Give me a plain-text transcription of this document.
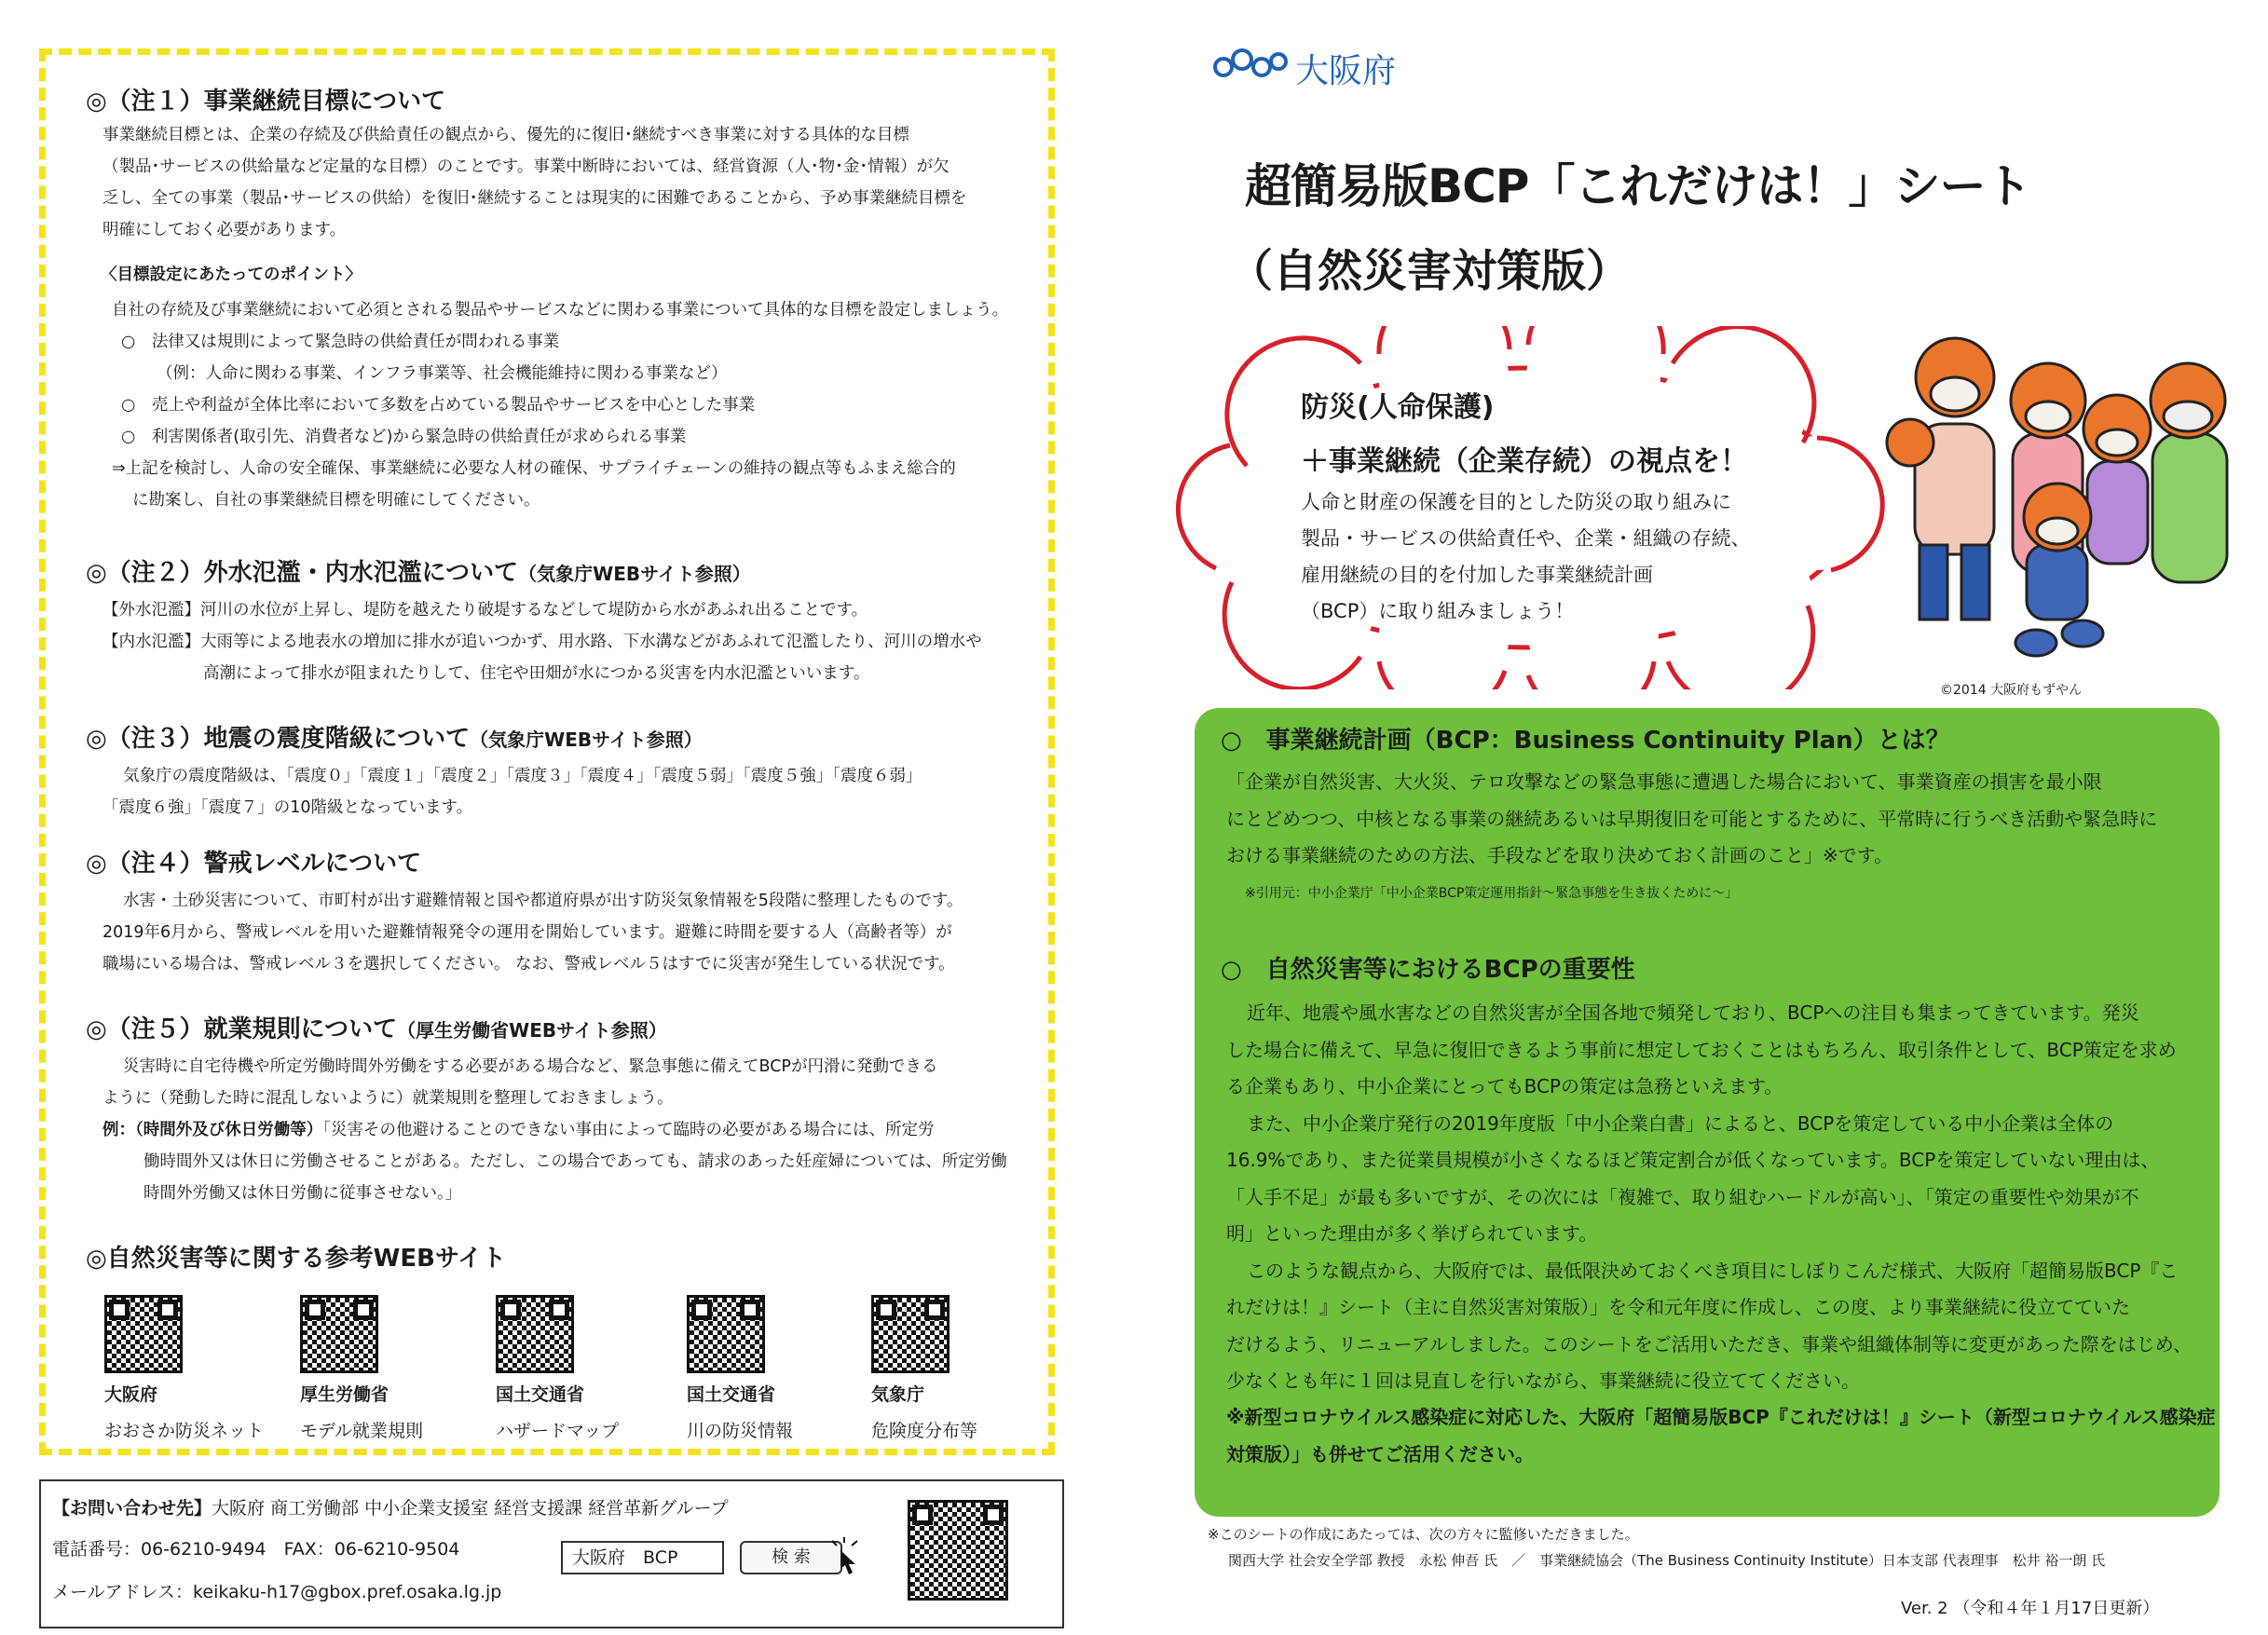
◎（注１）事業継続目標について
事業継続目標とは、企業の存続及び供給責任の観点から、優先的に復旧･継続すべき事業に対する具体的な目標
（製品･サービスの供給量など定量的な目標）のことです。事業中断時においては、経営資源（人･物･金･情報）が欠
乏し、全ての事業（製品･サービスの供給）を復旧･継続することは現実的に困難であることから、予め事業継続目標を
明確にしておく必要があります。
〈目標設定にあたってのポイント〉
自社の存続及び事業継続において必須とされる製品やサービスなどに関わる事業について具体的な目標を設定しましょう。
○　法律又は規則によって緊急時の供給責任が問われる事業
（例：人命に関わる事業、インフラ事業等、社会機能維持に関わる事業など）
○　売上や利益が全体比率において多数を占めている製品やサービスを中心とした事業
○　利害関係者(取引先、消費者など)から緊急時の供給責任が求められる事業
⇒上記を検討し、人命の安全確保、事業継続に必要な人材の確保、サプライチェーンの維持の観点等もふまえ総合的
に勘案し、自社の事業継続目標を明確にしてください。
◎（注２）外水氾濫・内水氾濫について（気象庁WEBサイト参照）
【外水氾濫】河川の水位が上昇し、堤防を越えたり破堤するなどして堤防から水があふれ出ることです。
【内水氾濫】大雨等による地表水の増加に排水が追いつかず、用水路、下水溝などがあふれて氾濫したり、河川の増水や
高潮によって排水が阻まれたりして、住宅や田畑が水につかる災害を内水氾濫といいます。
◎（注３）地震の震度階級について（気象庁WEBサイト参照）
気象庁の震度階級は、「震度０」「震度１」「震度２」「震度３」「震度４」「震度５弱」「震度５強」「震度６弱」
「震度６強」「震度７」の10階級となっています。
◎（注４）警戒レベルについて
水害・土砂災害について、市町村が出す避難情報と国や都道府県が出す防災気象情報を5段階に整理したものです。
2019年6月から、警戒レベルを用いた避難情報発令の運用を開始しています。避難に時間を要する人（高齢者等）が
職場にいる場合は、警戒レベル３を選択してください。 なお、警戒レベル５はすでに災害が発生している状況です。
◎（注５）就業規則について（厚生労働省WEBサイト参照）
災害時に自宅待機や所定労働時間外労働をする必要がある場合など、緊急事態に備えてBCPが円滑に発動できる
ように（発動した時に混乱しないように）就業規則を整理しておきましょう。
例：（時間外及び休日労働等）「災害その他避けることのできない事由によって臨時の必要がある場合には、所定労
働時間外又は休日に労働させることがある。ただし、この場合であっても、請求のあった妊産婦については、所定労働
時間外労働又は休日労働に従事させない。」
◎自然災害等に関する参考WEBサイト
大阪府
おおさか防災ネット
厚生労働省
モデル就業規則
国土交通省
ハザードマップ
国土交通省
川の防災情報
気象庁
危険度分布等
【お問い合わせ先】大阪府 商工労働部 中小企業支援室 経営支援課 経営革新グループ
電話番号：06-6210-9494　FAX：06-6210-9504
メールアドレス：keikaku-h17@gbox.pref.osaka.lg.jp
大阪府　BCP	検 索
大阪府
超簡易版BCP「これだけは！」シート
（自然災害対策版）
防災(人命保護)
＋事業継続（企業存続）の視点を！
人命と財産の保護を目的とした防災の取り組みに
製品・サービスの供給責任や、企業・組織の存続、
雇用継続の目的を付加した事業継続計画
（BCP）に取り組みましょう！
©2014 大阪府もずやん
○　事業継続計画（BCP：Business Continuity Plan）とは？
「企業が自然災害、大火災、テロ攻撃などの緊急事態に遭遇した場合において、事業資産の損害を最小限
にとどめつつ、中核となる事業の継続あるいは早期復旧を可能とするために、平常時に行うべき活動や緊急時に
おける事業継続のための方法、手段などを取り決めておく計画のこと」※です。
※引用元：中小企業庁「中小企業BCP策定運用指針～緊急事態を生き抜くために～」
○　自然災害等におけるBCPの重要性
近年、地震や風水害などの自然災害が全国各地で頻発しており、BCPへの注目も集まってきています。発災
した場合に備えて、早急に復旧できるよう事前に想定しておくことはもちろん、取引条件として、BCP策定を求め
る企業もあり、中小企業にとってもBCPの策定は急務といえます。
また、中小企業庁発行の2019年度版「中小企業白書」によると、BCPを策定している中小企業は全体の
16.9%であり、また従業員規模が小さくなるほど策定割合が低くなっています。BCPを策定していない理由は、
「人手不足」が最も多いですが、その次には「複雑で、取り組むハードルが高い」、「策定の重要性や効果が不
明」といった理由が多く挙げられています。
このような観点から、大阪府では、最低限決めておくべき項目にしぼりこんだ様式、大阪府「超簡易版BCP『こ
れだけは！』シート（主に自然災害対策版）」を令和元年度に作成し、この度、より事業継続に役立てていた
だけるよう、リニューアルしました。このシートをご活用いただき、事業や組織体制等に変更があった際をはじめ、
少なくとも年に１回は見直しを行いながら、事業継続に役立ててください。
※新型コロナウイルス感染症に対応した、大阪府「超簡易版BCP『これだけは！』シート（新型コロナウイルス感染症
対策版）」も併せてご活用ください。
※このシートの作成にあたっては、次の方々に監修いただきました。
関西大学 社会安全学部 教授　永松 伸吾 氏　／　事業継続協会（The Business Continuity Institute）日本支部 代表理事　松井 裕一朗 氏
Ver. 2 （令和４年１月17日更新）
